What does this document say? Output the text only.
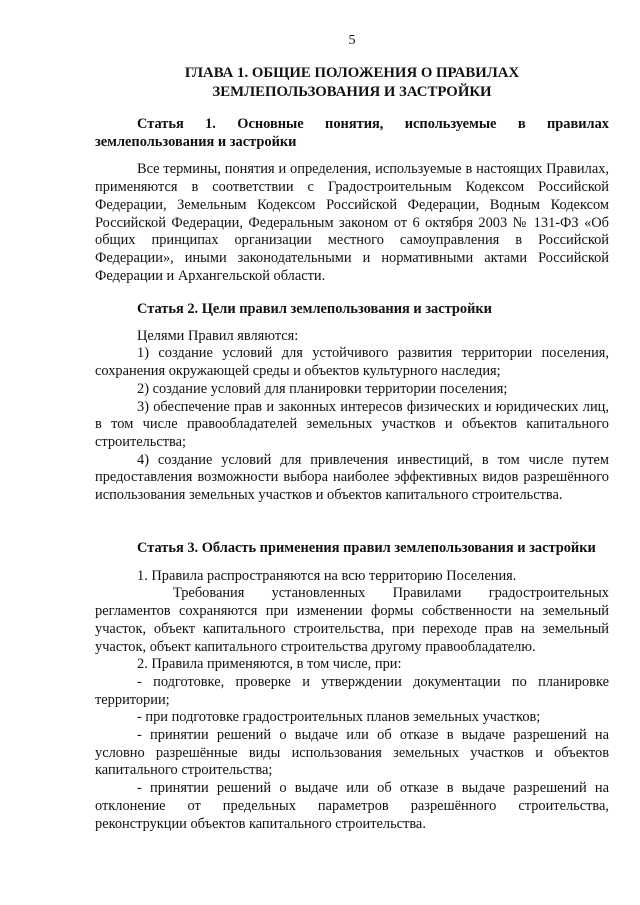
5
ГЛАВА 1. ОБЩИЕ ПОЛОЖЕНИЯ О ПРАВИЛАХ
ЗЕМЛЕПОЛЬЗОВАНИЯ И ЗАСТРОЙКИ

Статья 1. Основные понятия, используемые в правилах землепользования и застройки

Все термины, понятия и определения, используемые в настоящих Правилах, применяются в соответствии с Градостроительным Кодексом Российской Федерации, Земельным Кодексом Российской Федерации, Водным Кодексом Российской Федерации, Федеральным законом от 6 октября 2003 № 131-ФЗ «Об общих принципах организации местного самоуправления в Российской Федерации», иными законодательными и нормативными актами Российской Федерации и Архангельской области.

Статья 2. Цели правил землепользования и застройки

Целями Правил являются:

1) создание условий для устойчивого развития территории поселения, сохранения окружающей среды и объектов культурного наследия;

2) создание условий для планировки территории поселения;

3) обеспечение прав и законных интересов физических и юридических лиц, в том числе правообладателей земельных участков и объектов капитального строительства;

4) создание условий для привлечения инвестиций, в том числе путем предоставления возможности выбора наиболее эффективных видов разрешённого использования земельных участков и объектов капитального строительства.

Статья 3. Область применения правил землепользования и застройки

1. Правила распространяются на всю территорию Поселения.

Требования установленных Правилами градостроительных регламентов сохраняются при изменении формы собственности на земельный участок, объект капитального строительства, при переходе прав на земельный участок, объект капитального строительства другому правообладателю.

2. Правила применяются, в том числе, при:

- подготовке, проверке и утверждении документации по планировке территории;

- при подготовке градостроительных планов земельных участков;

- принятии решений о выдаче или об отказе в выдаче разрешений на условно разрешённые виды использования земельных участков и объектов капитального строительства;

- принятии решений о выдаче или об отказе в выдаче разрешений на отклонение от предельных параметров разрешённого строительства, реконструкции объектов капитального строительства.
